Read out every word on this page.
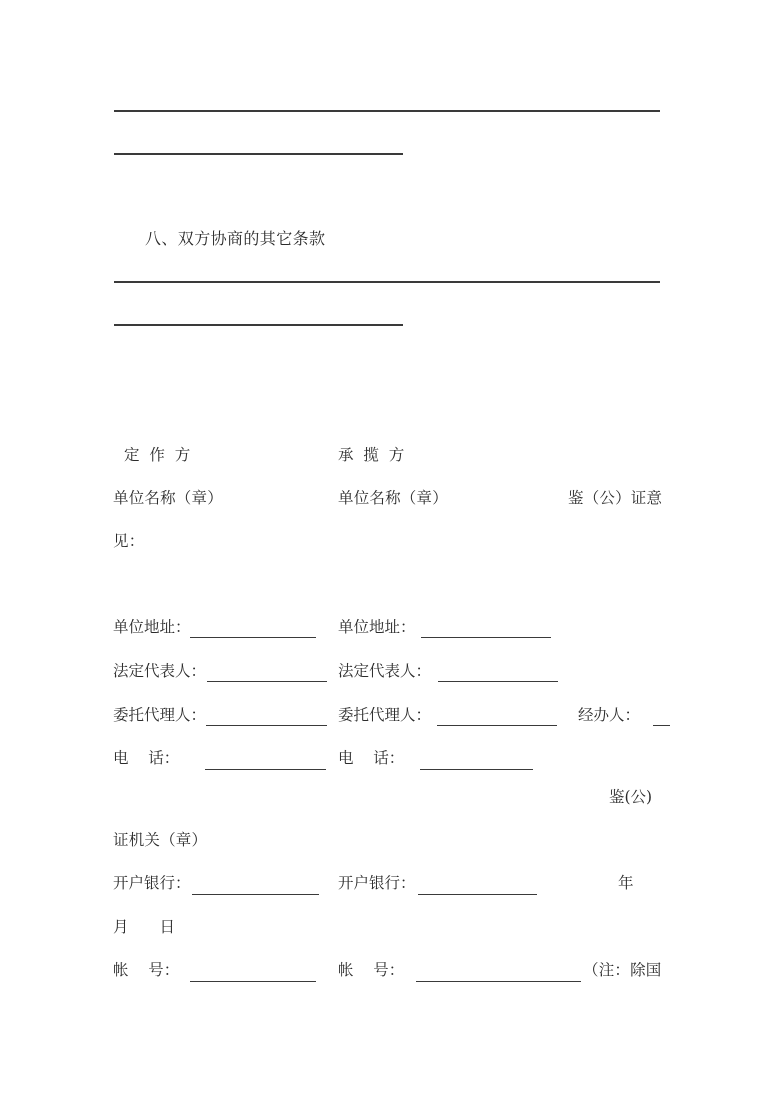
八、双方协商的其它条款
定  作  方	承  揽  方
单位名称（章）	单位名称（章）	鉴（公）证意
见：
单位地址：	单位地址：
法定代表人：	法定代表人：
委托代理人：	委托代理人：	经办人：
电    话：	电    话：
鉴(公)
证机关（章）
开户银行：	开户银行：	年
月      日
帐    号：	帐    号：	（注：除国
